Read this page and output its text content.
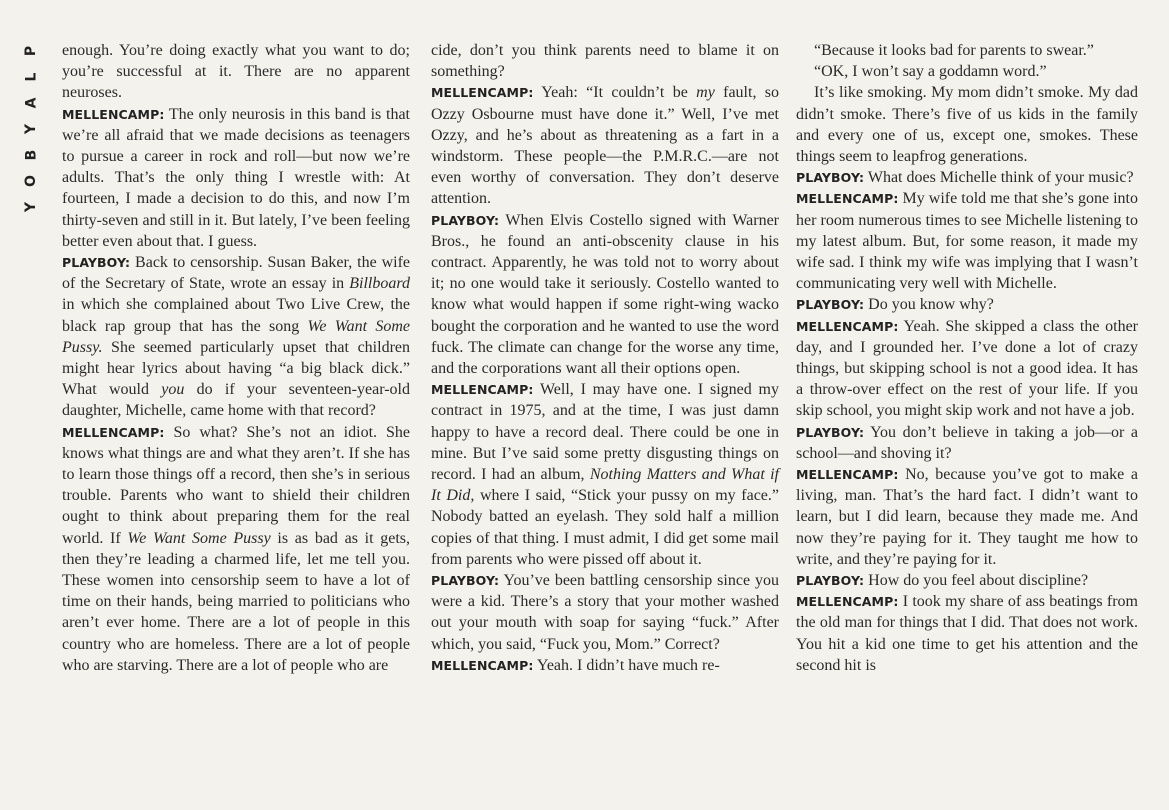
P
L
A
Y
B
O
Y

enough. You’re doing exactly what you want to do; you’re successful at it. There are no apparent neuroses.

MELLENCAMP: The only neurosis in this band is that we’re all afraid that we made decisions as teenagers to pursue a career in rock and roll—but now we’re adults. That’s the only thing I wrestle with: At fourteen, I made a decision to do this, and now I’m thirty-seven and still in it. But lately, I’ve been feeling better even about that. I guess.

PLAYBOY: Back to censorship. Susan Baker, the wife of the Secretary of State, wrote an essay in Billboard in which she complained about Two Live Crew, the black rap group that has the song We Want Some Pussy. She seemed particularly upset that children might hear lyrics about having “a big black dick.” What would you do if your seventeen-year-old daughter, Michelle, came home with that record?

MELLENCAMP: So what? She’s not an idiot. She knows what things are and what they aren’t. If she has to learn those things off a record, then she’s in serious trouble. Parents who want to shield their children ought to think about preparing them for the real world. If We Want Some Pussy is as bad as it gets, then they’re leading a charmed life, let me tell you. These women into censorship seem to have a lot of time on their hands, being married to politicians who aren’t ever home. There are a lot of people in this country who are homeless. There are a lot of people who are starving. There are a lot of people who are

cide, don’t you think parents need to blame it on something?

MELLENCAMP: Yeah: “It couldn’t be my fault, so Ozzy Osbourne must have done it.” Well, I’ve met Ozzy, and he’s about as threatening as a fart in a windstorm. These people—the P.M.R.C.—are not even worthy of conversation. They don’t deserve attention.

PLAYBOY: When Elvis Costello signed with Warner Bros., he found an anti-obscenity clause in his contract. Apparently, he was told not to worry about it; no one would take it seriously. Costello wanted to know what would happen if some right-wing wacko bought the corporation and he wanted to use the word fuck. The climate can change for the worse any time, and the corporations want all their options open.

MELLENCAMP: Well, I may have one. I signed my contract in 1975, and at the time, I was just damn happy to have a record deal. There could be one in mine. But I’ve said some pretty disgusting things on record. I had an album, Nothing Matters and What if It Did, where I said, “Stick your pussy on my face.” Nobody batted an eyelash. They sold half a million copies of that thing. I must admit, I did get some mail from parents who were pissed off about it.

PLAYBOY: You’ve been battling censorship since you were a kid. There’s a story that your mother washed out your mouth with soap for saying “fuck.” After which, you said, “Fuck you, Mom.” Correct?

MELLENCAMP: Yeah. I didn’t have much re-

“Because it looks bad for parents to swear.”

“OK, I won’t say a goddamn word.”

It’s like smoking. My mom didn’t smoke. My dad didn’t smoke. There’s five of us kids in the family and every one of us, except one, smokes. These things seem to leapfrog generations.

PLAYBOY: What does Michelle think of your music?

MELLENCAMP: My wife told me that she’s gone into her room numerous times to see Michelle listening to my latest album. But, for some reason, it made my wife sad. I think my wife was implying that I wasn’t communicating very well with Michelle.

PLAYBOY: Do you know why?

MELLENCAMP: Yeah. She skipped a class the other day, and I grounded her. I’ve done a lot of crazy things, but skipping school is not a good idea. It has a throw-over effect on the rest of your life. If you skip school, you might skip work and not have a job.

PLAYBOY: You don’t believe in taking a job—or a school—and shoving it?

MELLENCAMP: No, because you’ve got to make a living, man. That’s the hard fact. I didn’t want to learn, but I did learn, because they made me. And now they’re paying for it. They taught me how to write, and they’re paying for it.

PLAYBOY: How do you feel about discipline?

MELLENCAMP: I took my share of ass beatings from the old man for things that I did. That does not work. You hit a kid one time to get his attention and the second hit is
